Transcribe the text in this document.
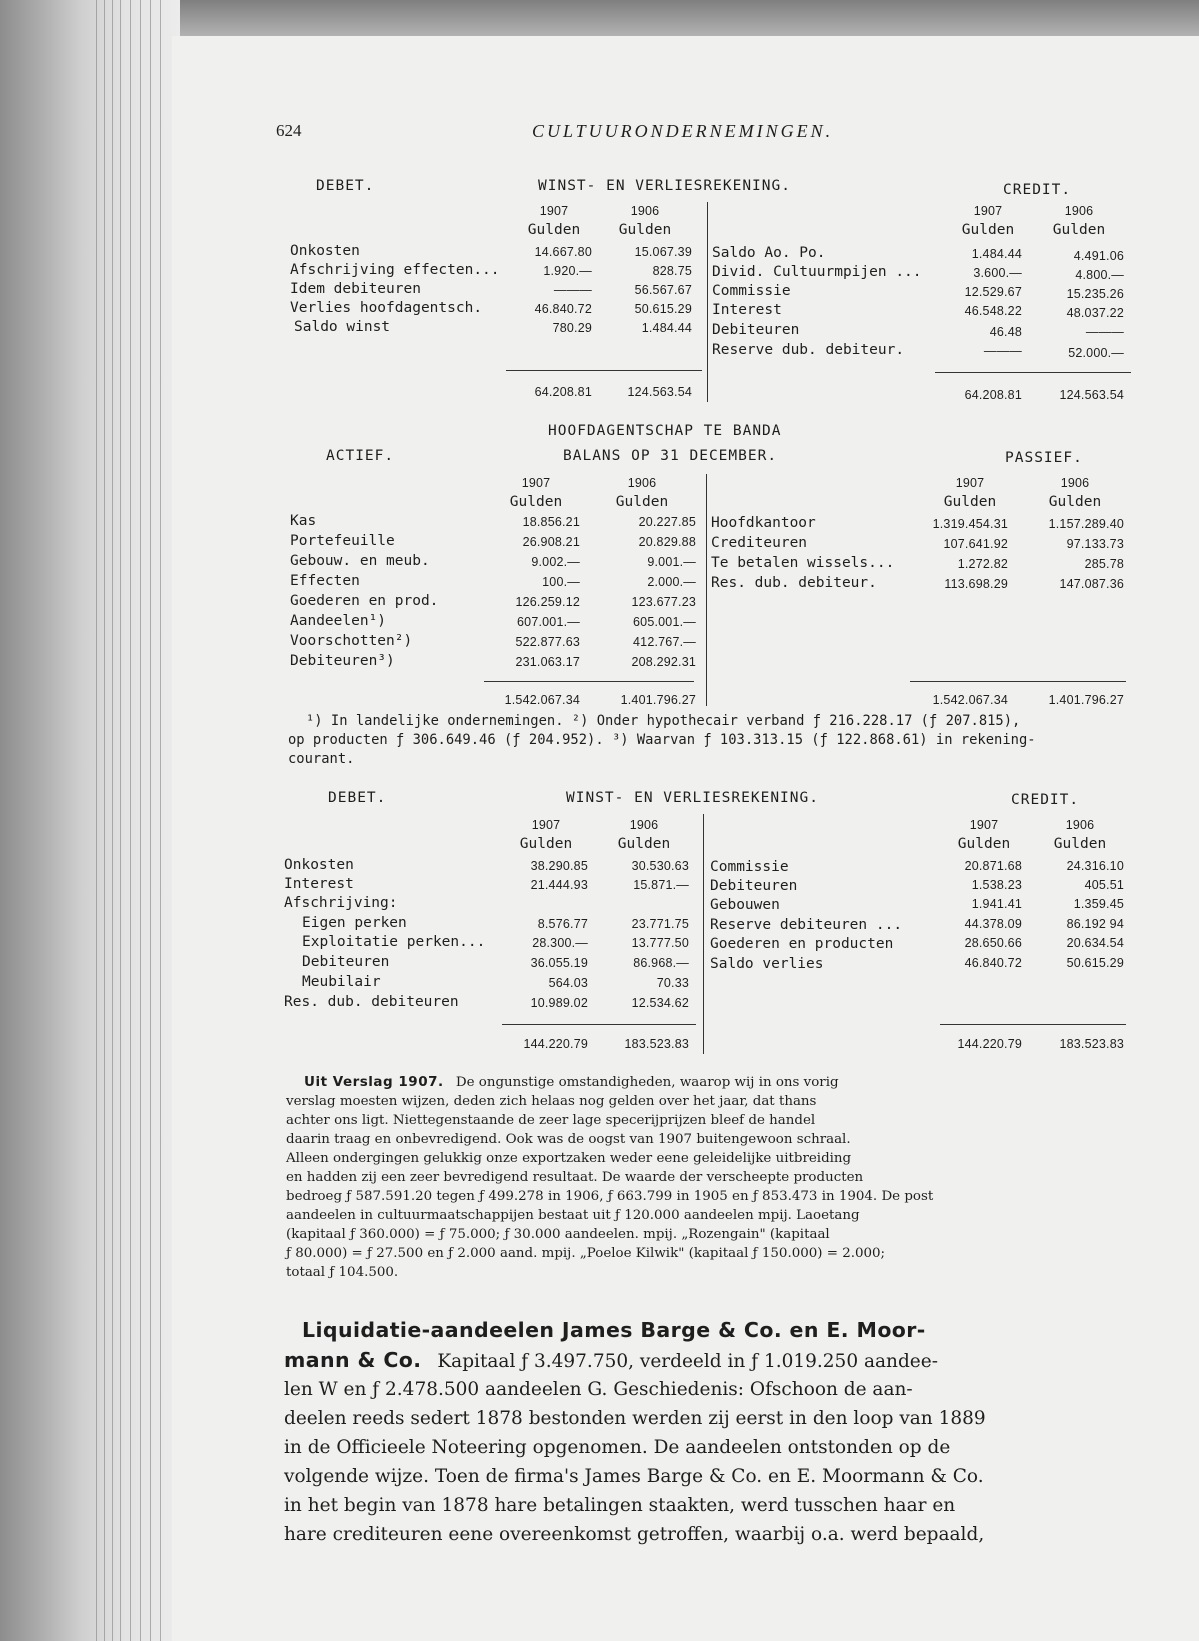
624	CULTUURONDERNEMINGEN.
DEBET.	WINST- EN VERLIESREKENING.	CREDIT.
1907	1906	1907	1906
Gulden	Gulden	Gulden	Gulden
Onkosten	14.667.80	15.067.39
Afschrijving effecten...	1.920.—	828.75
Idem debiteuren	———	56.567.67
Verlies hoofdagentsch.	46.840.72	50.615.29
Saldo winst	780.29	1.484.44
Saldo Ao. Po.	1.484.44	4.491.06
Divid. Cultuurmpijen ...	3.600.—	4.800.—
Commissie	12.529.67	15.235.26
Interest	46.548.22	48.037.22
Debiteuren	46.48	———
Reserve dub. debiteur.	———	52.000.—
64.208.81	124.563.54	64.208.81	124.563.54
HOOFDAGENTSCHAP TE BANDA
ACTIEF.	BALANS OP 31 DECEMBER.	PASSIEF.
1907	1906	1907	1906
Gulden	Gulden	Gulden	Gulden
Kas	18.856.21	20.227.85
Portefeuille	26.908.21	20.829.88
Gebouw. en meub.	9.002.—	9.001.—
Effecten	100.—	2.000.—
Goederen en prod.	126.259.12	123.677.23
Aandeelen¹)	607.001.—	605.001.—
Voorschotten²)	522.877.63	412.767.—
Debiteuren³)	231.063.17	208.292.31
Hoofdkantoor	1.319.454.31	1.157.289.40
Crediteuren	107.641.92	97.133.73
Te betalen wissels...	1.272.82	285.78
Res. dub. debiteur.	113.698.29	147.087.36
1.542.067.34	1.401.796.27	1.542.067.34	1.401.796.27
¹) In landelijke ondernemingen. ²) Onder hypothecair verband ƒ 216.228.17 (ƒ 207.815),
op producten ƒ 306.649.46 (ƒ 204.952). ³) Waarvan ƒ 103.313.15 (ƒ 122.868.61) in rekening-
courant.
DEBET.	WINST- EN VERLIESREKENING.	CREDIT.
1907	1906	1907	1906
Gulden	Gulden	Gulden	Gulden
Onkosten	38.290.85	30.530.63
Interest	21.444.93	15.871.—
Afschrijving:
Eigen perken	8.576.77	23.771.75
Exploitatie perken...	28.300.—	13.777.50
Debiteuren	36.055.19	86.968.—
Meubilair	564.03	70.33
Res. dub. debiteuren	10.989.02	12.534.62
Commissie	20.871.68	24.316.10
Debiteuren	1.538.23	405.51
Gebouwen	1.941.41	1.359.45
Reserve debiteuren ...	44.378.09	86.192 94
Goederen en producten	28.650.66	20.634.54
Saldo verlies	46.840.72	50.615.29
144.220.79	183.523.83	144.220.79	183.523.83
Uit Verslag 1907. De ongunstige omstandigheden, waarop wij in ons vorig
verslag moesten wijzen, deden zich helaas nog gelden over het jaar, dat thans
achter ons ligt. Niettegenstaande de zeer lage specerijprijzen bleef de handel
daarin traag en onbevredigend. Ook was de oogst van 1907 buitengewoon schraal.
Alleen ondergingen gelukkig onze exportzaken weder eene geleidelijke uitbreiding
en hadden zij een zeer bevredigend resultaat. De waarde der verscheepte producten
bedroeg ƒ 587.591.20 tegen ƒ 499.278 in 1906, ƒ 663.799 in 1905 en ƒ 853.473 in 1904. De post
aandeelen in cultuurmaatschappijen bestaat uit ƒ 120.000 aandeelen mpij. Laoetang
(kapitaal ƒ 360.000) = ƒ 75.000; ƒ 30.000 aandeelen. mpij. „Rozengain" (kapitaal
ƒ 80.000) = ƒ 27.500 en ƒ 2.000 aand. mpij. „Poeloe Kilwik" (kapitaal ƒ 150.000) = 2.000;
totaal ƒ 104.500.
Liquidatie-aandeelen James Barge & Co. en E. Moor-
mann & Co. Kapitaal ƒ 3.497.750, verdeeld in ƒ 1.019.250 aandee-
len W en ƒ 2.478.500 aandeelen G. Geschiedenis: Ofschoon de aan-
deelen reeds sedert 1878 bestonden werden zij eerst in den loop van 1889
in de Officieele Noteering opgenomen. De aandeelen ontstonden op de
volgende wijze. Toen de firma's James Barge & Co. en E. Moormann & Co.
in het begin van 1878 hare betalingen staakten, werd tusschen haar en
hare crediteuren eene overeenkomst getroffen, waarbij o.a. werd bepaald,
